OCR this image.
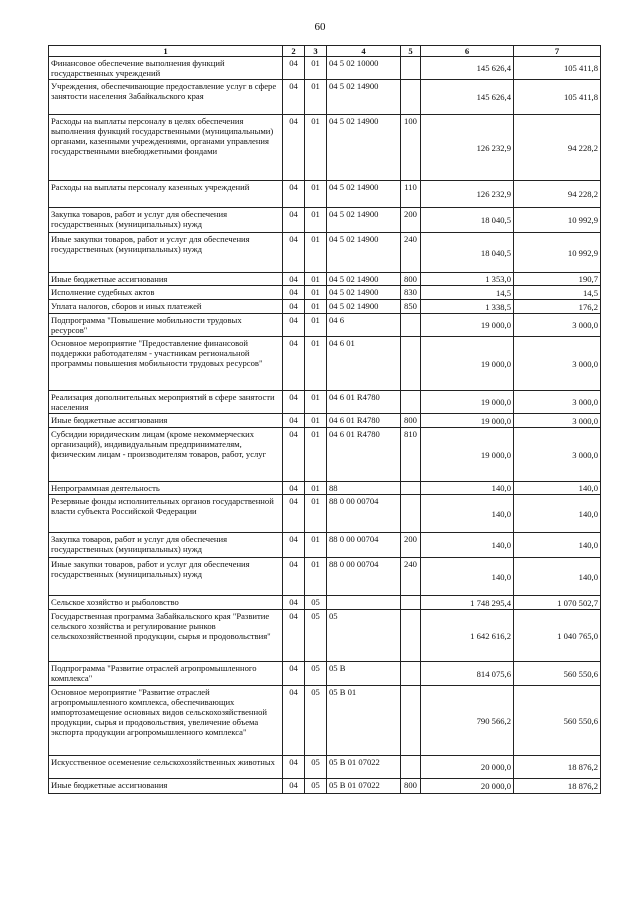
60
1	2	3	4	5	6	7
Финансовое обеспечение выполнения функций государственных учреждений	04	01	04 5 02 10000		145 626,4	105 411,8
Учреждения, обеспечивающие предоставление услуг в сфере занятости населения Забайкальского края	04	01	04 5 02 14900		145 626,4	105 411,8
Расходы на выплаты персоналу в целях обеспечения выполнения функций государственными (муниципальными) органами, казенными учреждениями, органами управления государственными внебюджетными фондами	04	01	04 5 02 14900	100	126 232,9	94 228,2
Расходы на выплаты персоналу казенных учреждений	04	01	04 5 02 14900	110	126 232,9	94 228,2
Закупка товаров, работ и услуг для обеспечения государственных (муниципальных) нужд	04	01	04 5 02 14900	200	18 040,5	10 992,9
Иные закупки товаров, работ и услуг для обеспечения государственных (муниципальных) нужд	04	01	04 5 02 14900	240	18 040,5	10 992,9
Иные бюджетные ассигнования	04	01	04 5 02 14900	800	1 353,0	190,7
Исполнение судебных актов	04	01	04 5 02 14900	830	14,5	14,5
Уплата налогов, сборов и иных платежей	04	01	04 5 02 14900	850	1 338,5	176,2
Подпрограмма "Повышение мобильности трудовых ресурсов"	04	01	04 6		19 000,0	3 000,0
Основное мероприятие "Предоставление финансовой поддержки работодателям - участникам региональной программы повышения мобильности трудовых ресурсов"	04	01	04 6 01		19 000,0	3 000,0
Реализация дополнительных мероприятий в сфере занятости населения	04	01	04 6 01 R4780		19 000,0	3 000,0
Иные бюджетные ассигнования	04	01	04 6 01 R4780	800	19 000,0	3 000,0
Субсидии юридическим лицам (кроме некоммерческих организаций), индивидуальным предпринимателям, физическим лицам - производителям товаров, работ, услуг	04	01	04 6 01 R4780	810	19 000,0	3 000,0
Непрограммная деятельность	04	01	88		140,0	140,0
Резервные фонды исполнительных органов государственной власти субъекта Российской Федерации	04	01	88 0 00 00704		140,0	140,0
Закупка товаров, работ и услуг для обеспечения государственных (муниципальных) нужд	04	01	88 0 00 00704	200	140,0	140,0
Иные закупки товаров, работ и услуг для обеспечения государственных (муниципальных) нужд	04	01	88 0 00 00704	240	140,0	140,0
Сельское хозяйство и рыболовство	04	05			1 748 295,4	1 070 502,7
Государственная программа Забайкальского края "Развитие сельского хозяйства и регулирование рынков сельскохозяйственной продукции, сырья и продовольствия"	04	05	05		1 642 616,2	1 040 765,0
Подпрограмма "Развитие отраслей агропромышленного комплекса"	04	05	05 В		814 075,6	560 550,6
Основное мероприятие "Развитие отраслей агропромышленного комплекса, обеспечивающих импортозамещение основных видов сельскохозяйственной продукции, сырья и продовольствия, увеличение объема экспорта продукции агропромышленного комплекса"	04	05	05 В 01		790 566,2	560 550,6
Искусственное осеменение сельскохозяйственных животных	04	05	05 В 01 07022		20 000,0	18 876,2
Иные бюджетные ассигнования	04	05	05 В 01 07022	800	20 000,0	18 876,2
